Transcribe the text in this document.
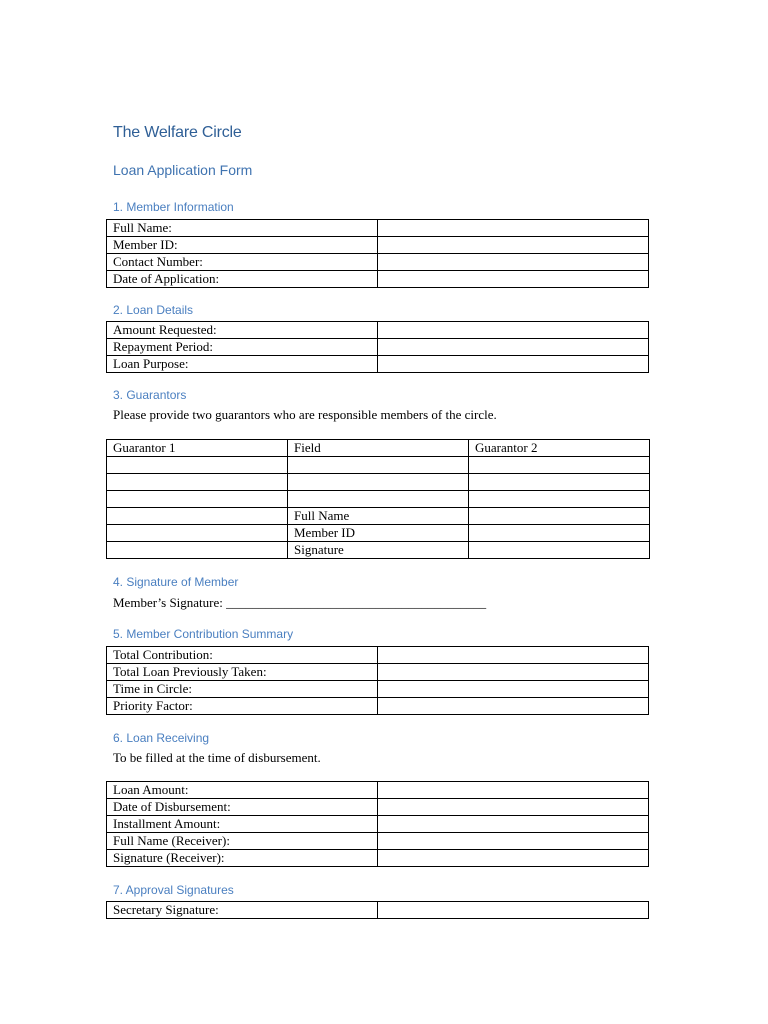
The Welfare Circle
Loan Application Form
1. Member Information
Full Name:	
Member ID:	
Contact Number:	
Date of Application:	
2. Loan Details
Amount Requested:	
Repayment Period:	
Loan Purpose:	
3. Guarantors

Please provide two guarantors who are responsible members of the circle.

Guarantor 1	Field	Guarantor 2

	Full Name	
	Member ID	
	Signature	
4. Signature of Member

Member’s Signature: ________________________________________

5. Member Contribution Summary
Total Contribution:	
Total Loan Previously Taken:	
Time in Circle:	
Priority Factor:	
6. Loan Receiving

To be filled at the time of disbursement.

Loan Amount:	
Date of Disbursement:	
Installment Amount:	
Full Name (Receiver):	
Signature (Receiver):	
7. Approval Signatures
Secretary Signature:	
